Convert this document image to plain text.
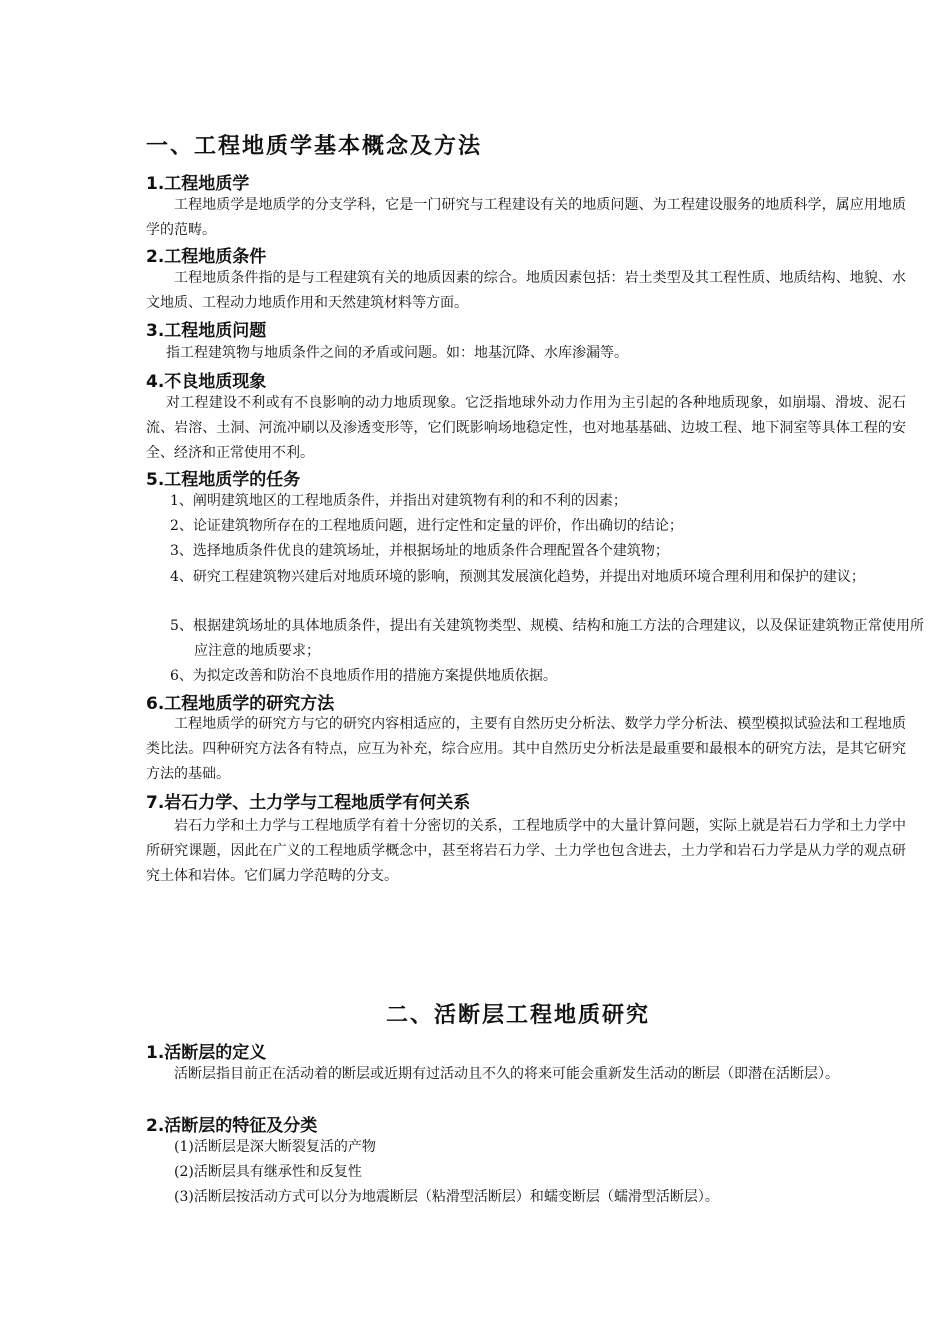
一、工程地质学基本概念及方法
1.工程地质学
工程地质学是地质学的分支学科，它是一门研究与工程建设有关的地质问题、为工程建设服务的地质科学，属应用地质学的范畴。
2.工程地质条件
工程地质条件指的是与工程建筑有关的地质因素的综合。地质因素包括：岩土类型及其工程性质、地质结构、地貌、水文地质、工程动力地质作用和天然建筑材料等方面。
3.工程地质问题
指工程建筑物与地质条件之间的矛盾或问题。如：地基沉降、水库渗漏等。
4.不良地质现象
对工程建设不利或有不良影响的动力地质现象。它泛指地球外动力作用为主引起的各种地质现象，如崩塌、滑坡、泥石流、岩溶、土洞、河流冲刷以及渗透变形等，它们既影响场地稳定性，也对地基基础、边坡工程、地下洞室等具体工程的安全、经济和正常使用不利。
5.工程地质学的任务
1、阐明建筑地区的工程地质条件，并指出对建筑物有利的和不利的因素；
2、论证建筑物所存在的工程地质问题，进行定性和定量的评价，作出确切的结论；
3、选择地质条件优良的建筑场址，并根据场址的地质条件合理配置各个建筑物；
4、研究工程建筑物兴建后对地质环境的影响，预测其发展演化趋势，并提出对地质环境合理利用和保护的建议；
5、根据建筑场址的具体地质条件，提出有关建筑物类型、规模、结构和施工方法的合理建议，以及保证建筑物正常使用所应注意的地质要求；
6、为拟定改善和防治不良地质作用的措施方案提供地质依据。
6.工程地质学的研究方法
工程地质学的研究方与它的研究内容相适应的，主要有自然历史分析法、数学力学分析法、模型模拟试验法和工程地质类比法。四种研究方法各有特点，应互为补充，综合应用。其中自然历史分析法是最重要和最根本的研究方法，是其它研究方法的基础。
7.岩石力学、土力学与工程地质学有何关系
岩石力学和土力学与工程地质学有着十分密切的关系，工程地质学中的大量计算问题，实际上就是岩石力学和土力学中所研究课题，因此在广义的工程地质学概念中，甚至将岩石力学、土力学也包含进去，土力学和岩石力学是从力学的观点研究土体和岩体。它们属力学范畴的分支。
二、活断层工程地质研究
1.活断层的定义
活断层指目前正在活动着的断层或近期有过活动且不久的将来可能会重新发生活动的断层（即潜在活断层）。
2.活断层的特征及分类
(1)活断层是深大断裂复活的产物
(2)活断层具有继承性和反复性
(3)活断层按活动方式可以分为地震断层（粘滑型活断层）和蠕变断层（蠕滑型活断层）。
